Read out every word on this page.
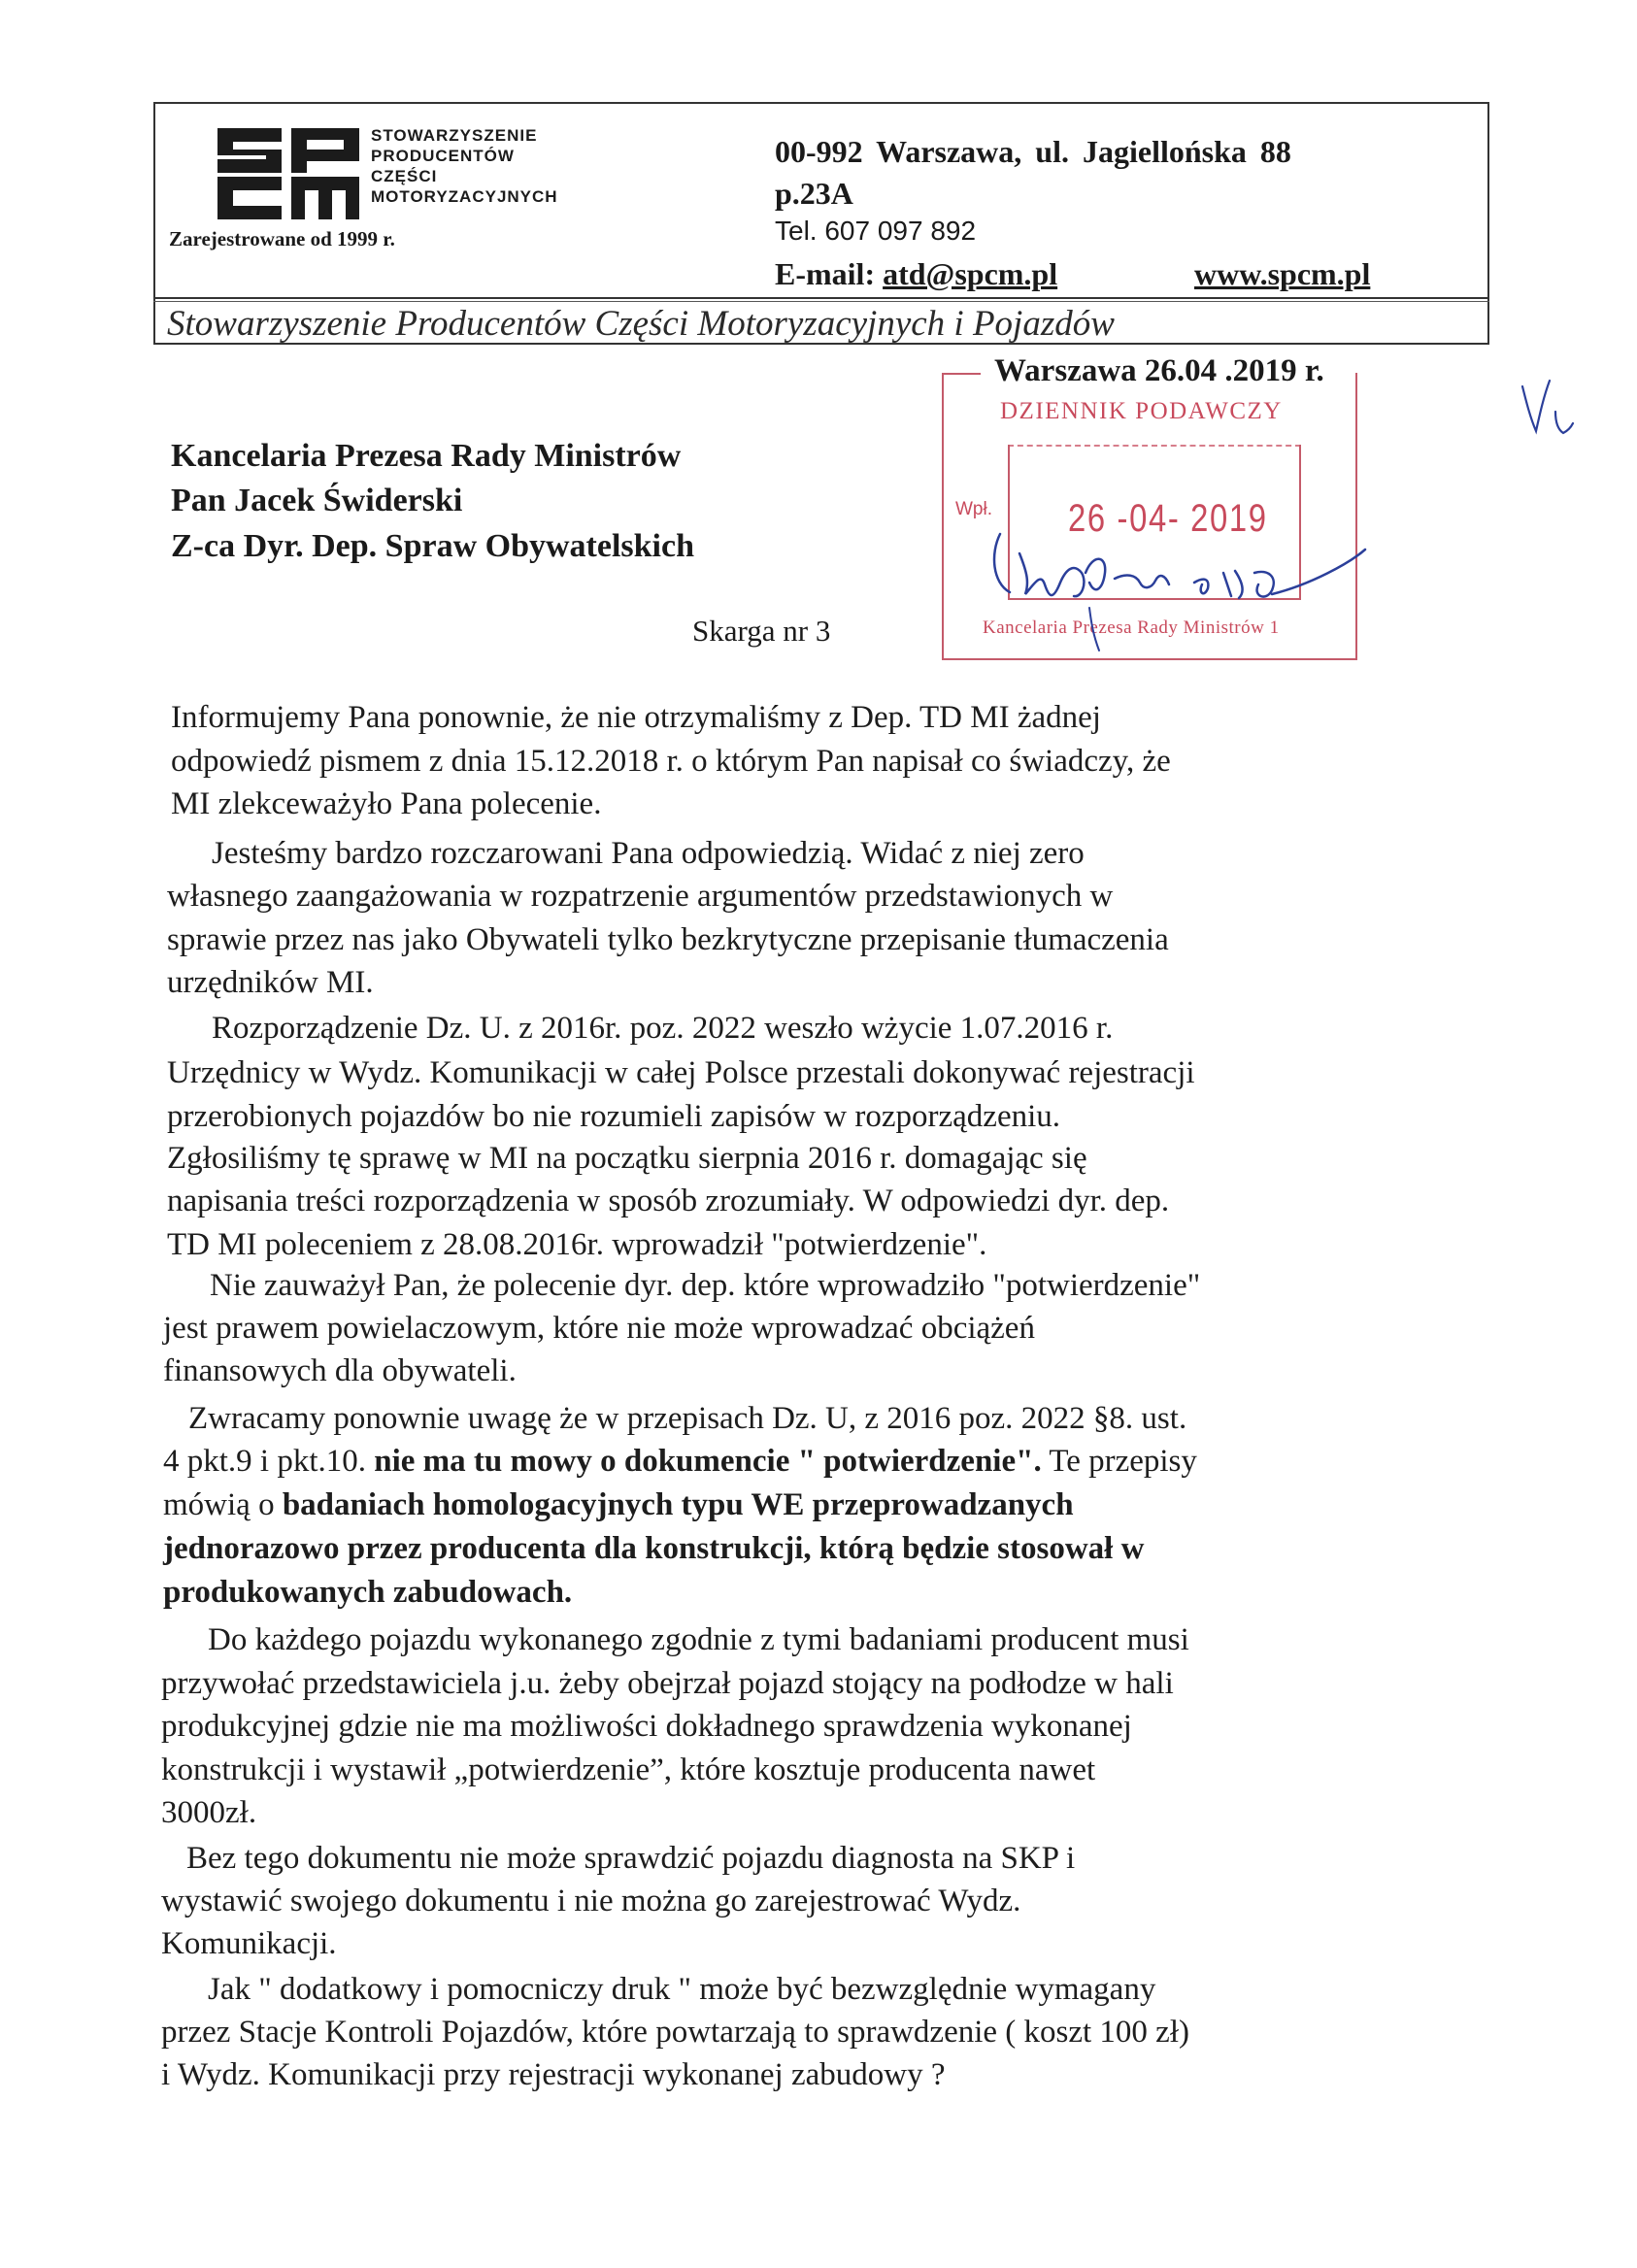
STOWARZYSZENIE
PRODUCENTÓW
CZĘŚCI
MOTORYZACYJNYCH
Zarejestrowane od 1999 r.
00-992 Warszawa, ul. Jagiellońska 88
p.23A
Tel. 607 097 892
E-mail: atd@spcm.pl	www.spcm.pl
Stowarzyszenie Producentów Części Motoryzacyjnych i Pojazdów
Warszawa 26.04 .2019 r.
DZIENNIK PODAWCZY
Wpł. 26 -04- 2019
Kancelaria Prezesa Rady Ministrów 1
Kancelaria Prezesa Rady Ministrów
Pan Jacek Świderski
Z-ca Dyr. Dep. Spraw Obywatelskich
Skarga nr 3
Informujemy Pana ponownie, że nie otrzymaliśmy z Dep. TD MI żadnej
odpowiedź pismem z dnia 15.12.2018 r. o którym Pan napisał co świadczy, że
MI zlekceważyło Pana polecenie.
Jesteśmy bardzo rozczarowani Pana odpowiedzią. Widać z niej zero
własnego zaangażowania w rozpatrzenie argumentów przedstawionych w
sprawie przez nas jako Obywateli tylko bezkrytyczne przepisanie tłumaczenia
urzędników MI.
Rozporządzenie Dz. U. z 2016r. poz. 2022 weszło wżycie 1.07.2016 r.
Urzędnicy w Wydz. Komunikacji w całej Polsce przestali dokonywać rejestracji
przerobionych pojazdów bo nie rozumieli zapisów w rozporządzeniu.
Zgłosiliśmy tę sprawę w MI na początku sierpnia 2016 r. domagając się
napisania treści rozporządzenia w sposób zrozumiały. W odpowiedzi dyr. dep.
TD MI poleceniem z 28.08.2016r. wprowadził "potwierdzenie".
Nie zauważył Pan, że polecenie dyr. dep. które wprowadziło "potwierdzenie"
jest prawem powielaczowym, które nie może wprowadzać obciążeń
finansowych dla obywateli.
Zwracamy ponownie uwagę że w przepisach Dz. U, z 2016 poz. 2022 §8. ust.
4 pkt.9 i pkt.10. nie ma tu mowy o dokumencie " potwierdzenie". Te przepisy
mówią o badaniach homologacyjnych typu WE przeprowadzanych
jednorazowo przez producenta dla konstrukcji, którą będzie stosował w
produkowanych zabudowach.
Do każdego pojazdu wykonanego zgodnie z tymi badaniami producent musi
przywołać przedstawiciela j.u. żeby obejrzał pojazd stojący na podłodze w hali
produkcyjnej gdzie nie ma możliwości dokładnego sprawdzenia wykonanej
konstrukcji i wystawił „potwierdzenie”, które kosztuje producenta nawet
3000zł.
Bez tego dokumentu nie może sprawdzić pojazdu diagnosta na SKP i
wystawić swojego dokumentu i nie można go zarejestrować Wydz.
Komunikacji.
Jak " dodatkowy i pomocniczy druk " może być bezwzględnie wymagany
przez Stacje Kontroli Pojazdów, które powtarzają to sprawdzenie ( koszt 100 zł)
i Wydz. Komunikacji przy rejestracji wykonanej zabudowy ?
